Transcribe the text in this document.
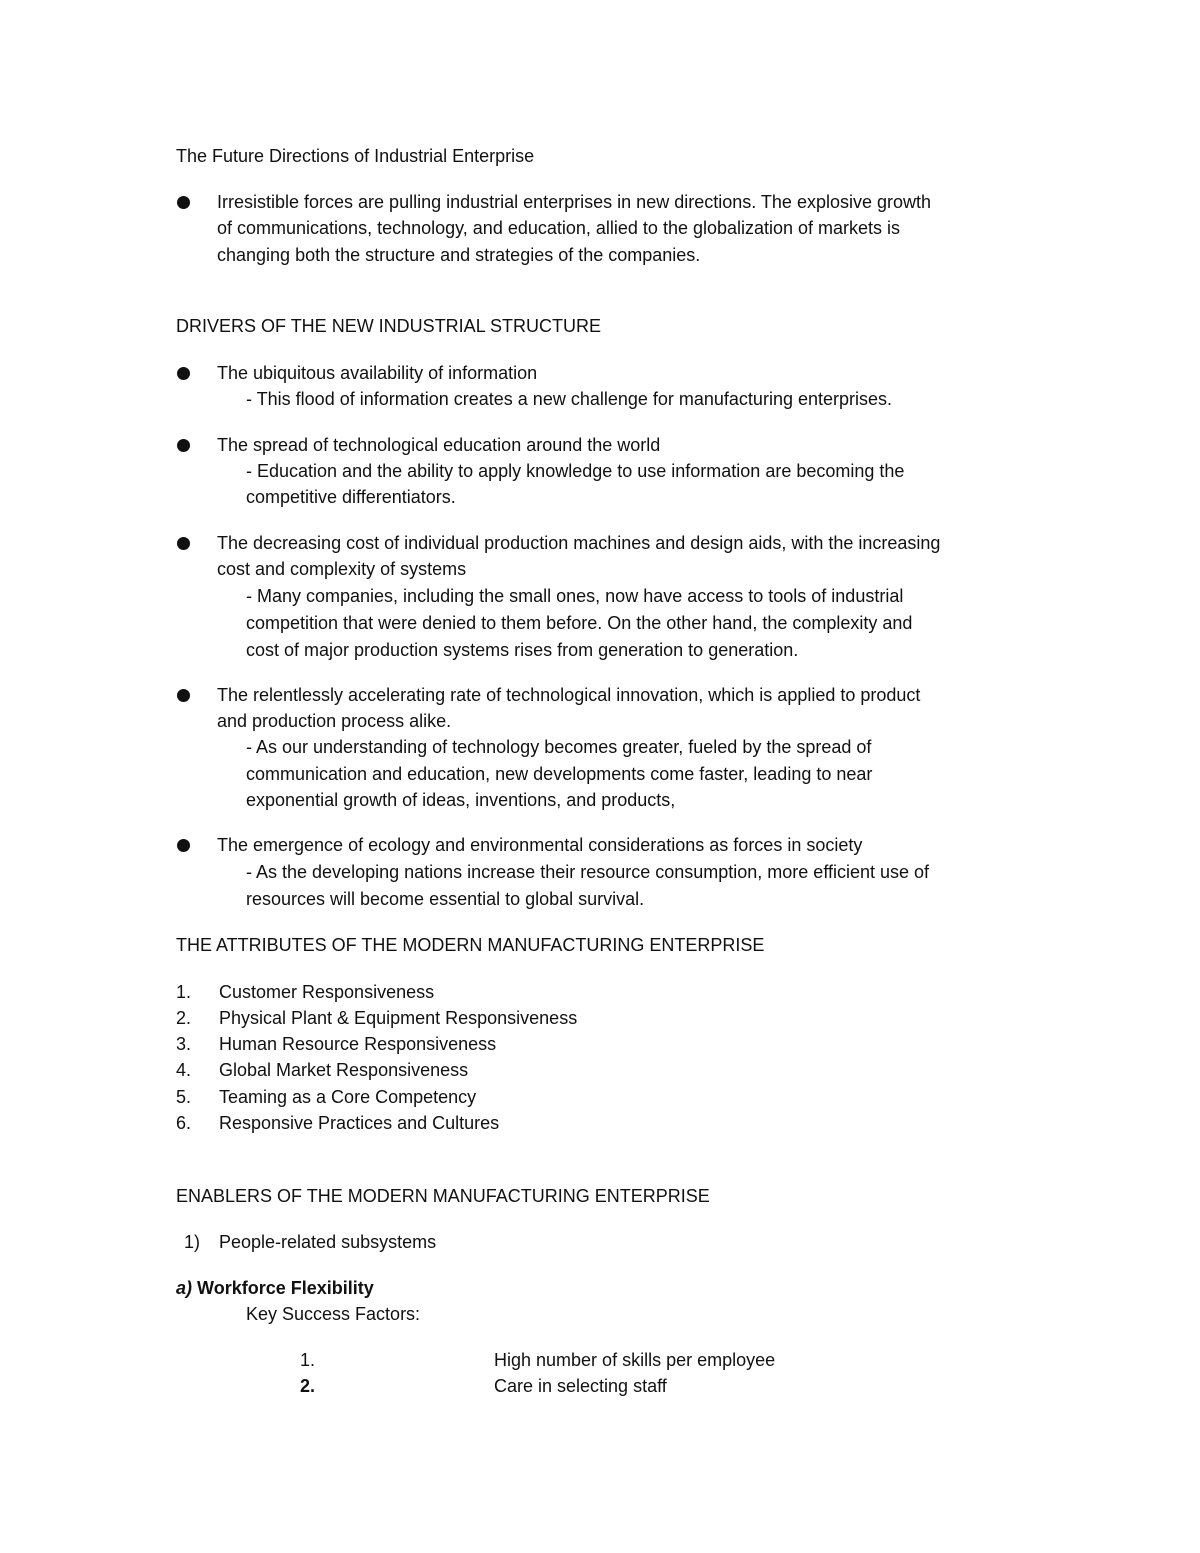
The Future Directions of Industrial Enterprise
Irresistible forces are pulling industrial enterprises in new directions. The explosive growth
of communications, technology, and education, allied to the globalization of markets is
changing both the structure and strategies of the companies.
DRIVERS OF THE NEW INDUSTRIAL STRUCTURE
The ubiquitous availability of information
- This flood of information creates a new challenge for manufacturing enterprises.
The spread of technological education around the world
- Education and the ability to apply knowledge to use information are becoming the
competitive differentiators.
The decreasing cost of individual production machines and design aids, with the increasing
cost and complexity of systems
- Many companies, including the small ones, now have access to tools of industrial
competition that were denied to them before. On the other hand, the complexity and
cost of major production systems rises from generation to generation.
The relentlessly accelerating rate of technological innovation, which is applied to product
and production process alike.
- As our understanding of technology becomes greater, fueled by the spread of
communication and education, new developments come faster, leading to near
exponential growth of ideas, inventions, and products,
The emergence of ecology and environmental considerations as forces in society
- As the developing nations increase their resource consumption, more efficient use of
resources will become essential to global survival.
THE ATTRIBUTES OF THE MODERN MANUFACTURING ENTERPRISE
1. Customer Responsiveness
2. Physical Plant & Equipment Responsiveness
3. Human Resource Responsiveness
4. Global Market Responsiveness
5. Teaming as a Core Competency
6. Responsive Practices and Cultures
ENABLERS OF THE MODERN MANUFACTURING ENTERPRISE
1) People-related subsystems
a) Workforce Flexibility
Key Success Factors:
1.	High number of skills per employee
2.	Care in selecting staff
